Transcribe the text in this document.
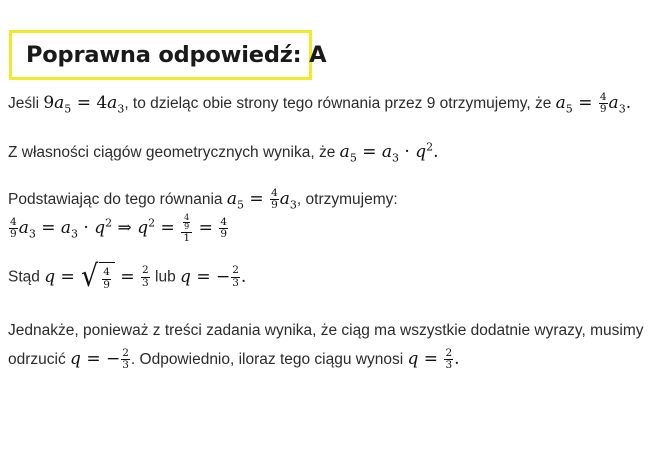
Poprawna odpowiedź: A
Jeśli $9a_5 = 4a_3$, to dzieląc obie strony tego równania przez 9 otrzymujemy, że $a_5 = \frac{4}{9} a_3$.
Z własności ciągów geometrycznych wynika, że $a_5 = a_3 \cdot q^2$.
Podstawiając do tego równania $a_5 = \frac{4}{9} a_3$, otrzymujemy:
$\frac{4}{9} a_3 = a_3 \cdot q^2$ ⇒ $q^2 = \frac{\frac{4}{9}}{1} = \frac{4}{9}$
Stąd q = √ $\frac{4}{9} = \frac{2}{3}$ lub q = − $\frac{2}{3}$ .
Jednakże, ponieważ z treści zadania wynika, że ciąg ma wszystkie dodatnie wyrazy, musimy
odrzucić q = − $\frac{2}{3}$ . Odpowiednio, iloraz tego ciągu wynosi $q = \frac{2}{3}$ .
